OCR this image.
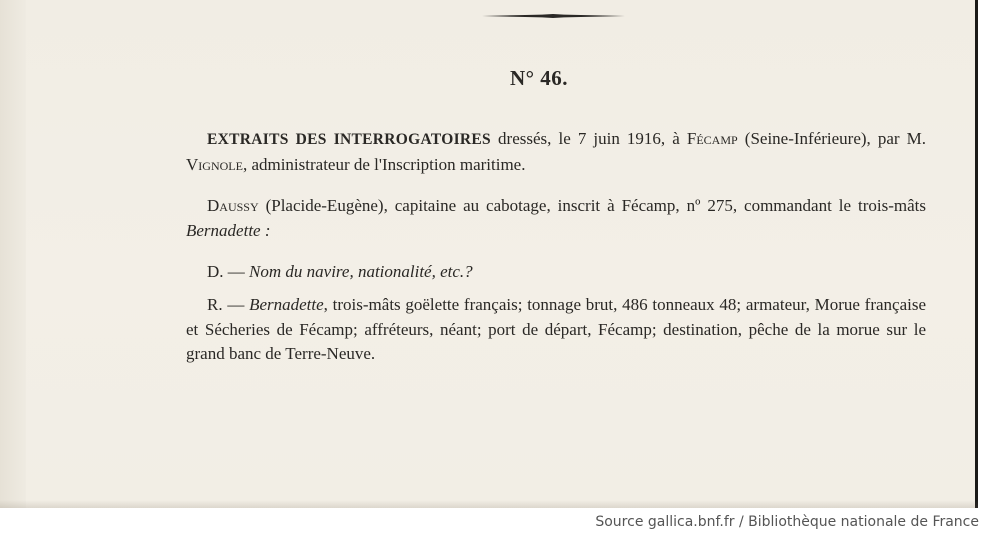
N° 46.

EXTRAITS DES INTERROGATOIRES dressés, le 7 juin 1916, à Fécamp (Seine-Inférieure), par M. Vignole, administrateur de l'Inscription maritime.

Daussy (Placide-Eugène), capitaine au cabotage, inscrit à Fécamp, nº 275, commandant le trois-mâts Bernadette :

D. — Nom du navire, nationalité, etc.?

R. — Bernadette, trois-mâts goëlette français; tonnage brut, 486 tonneaux 48; armateur, Morue française et Sécheries de Fécamp; affréteurs, néant; port de départ, Fécamp; destination, pêche de la morue sur le grand banc de Terre-Neuve.

Source gallica.bnf.fr / Bibliothèque nationale de France
